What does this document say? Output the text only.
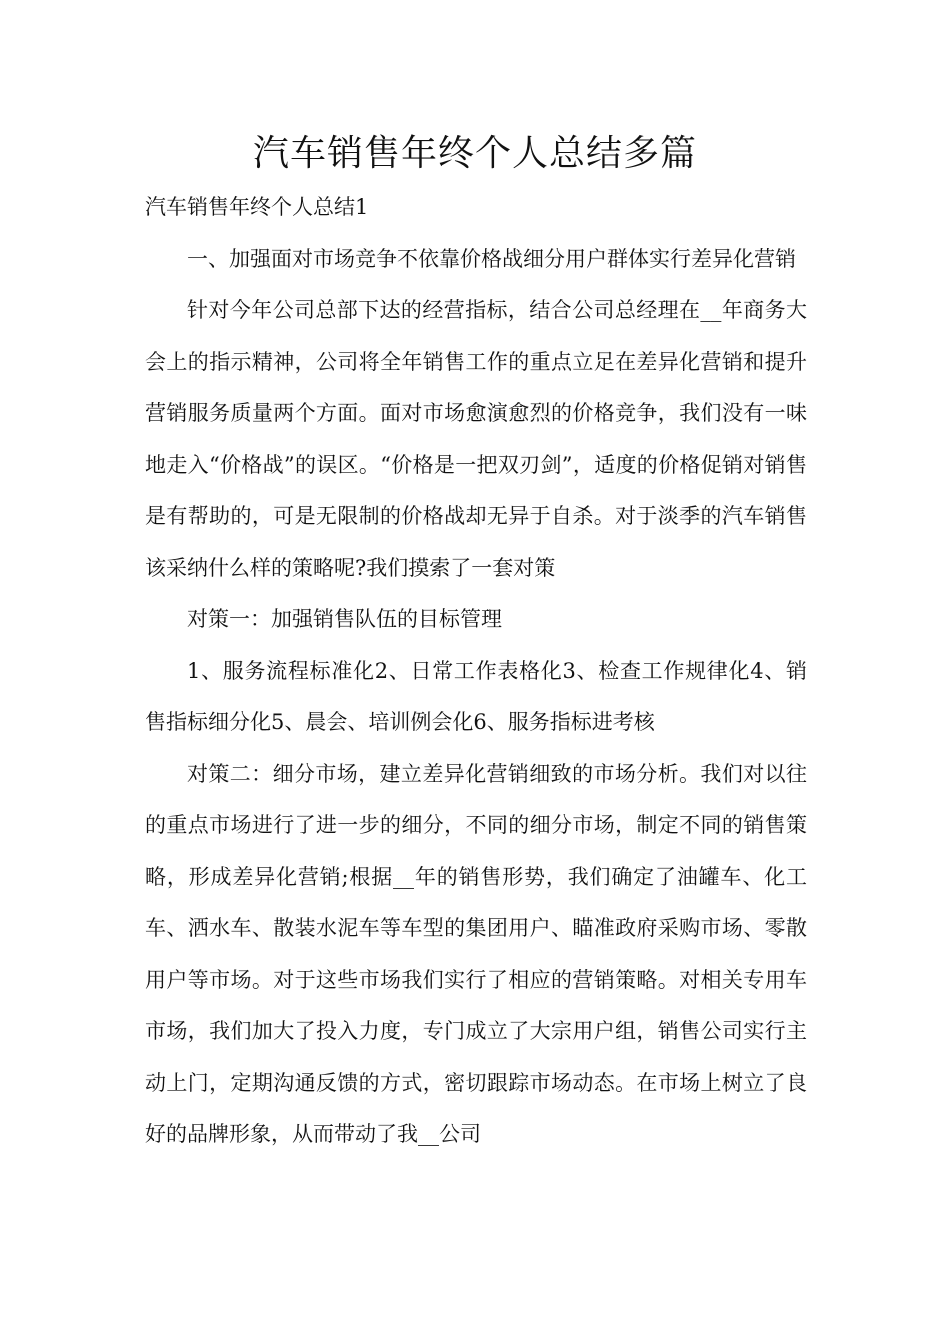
汽车销售年终个人总结多篇

汽车销售年终个人总结1

一、加强面对市场竞争不依靠价格战细分用户群体实行差异化营销

针对今年公司总部下达的经营指标，结合公司总经理在__年商务大会上的指示精神，公司将全年销售工作的重点立足在差异化营销和提升营销服务质量两个方面。面对市场愈演愈烈的价格竞争，我们没有一味地走入“价格战”的误区。“价格是一把双刃剑”，适度的价格促销对销售是有帮助的，可是无限制的价格战却无异于自杀。对于淡季的汽车销售该采纳什么样的策略呢?我们摸索了一套对策

对策一：加强销售队伍的目标管理

1、服务流程标准化2、日常工作表格化3、检查工作规律化4、销售指标细分化5、晨会、培训例会化6、服务指标进考核

对策二：细分市场，建立差异化营销细致的市场分析。我们对以往的重点市场进行了进一步的细分，不同的细分市场，制定不同的销售策略，形成差异化营销;根据__年的销售形势，我们确定了油罐车、化工车、洒水车、散装水泥车等车型的集团用户、瞄准政府采购市场、零散用户等市场。对于这些市场我们实行了相应的营销策略。对相关专用车市场，我们加大了投入力度，专门成立了大宗用户组，销售公司实行主动上门，定期沟通反馈的方式，密切跟踪市场动态。在市场上树立了良好的品牌形象，从而带动了我__公司
